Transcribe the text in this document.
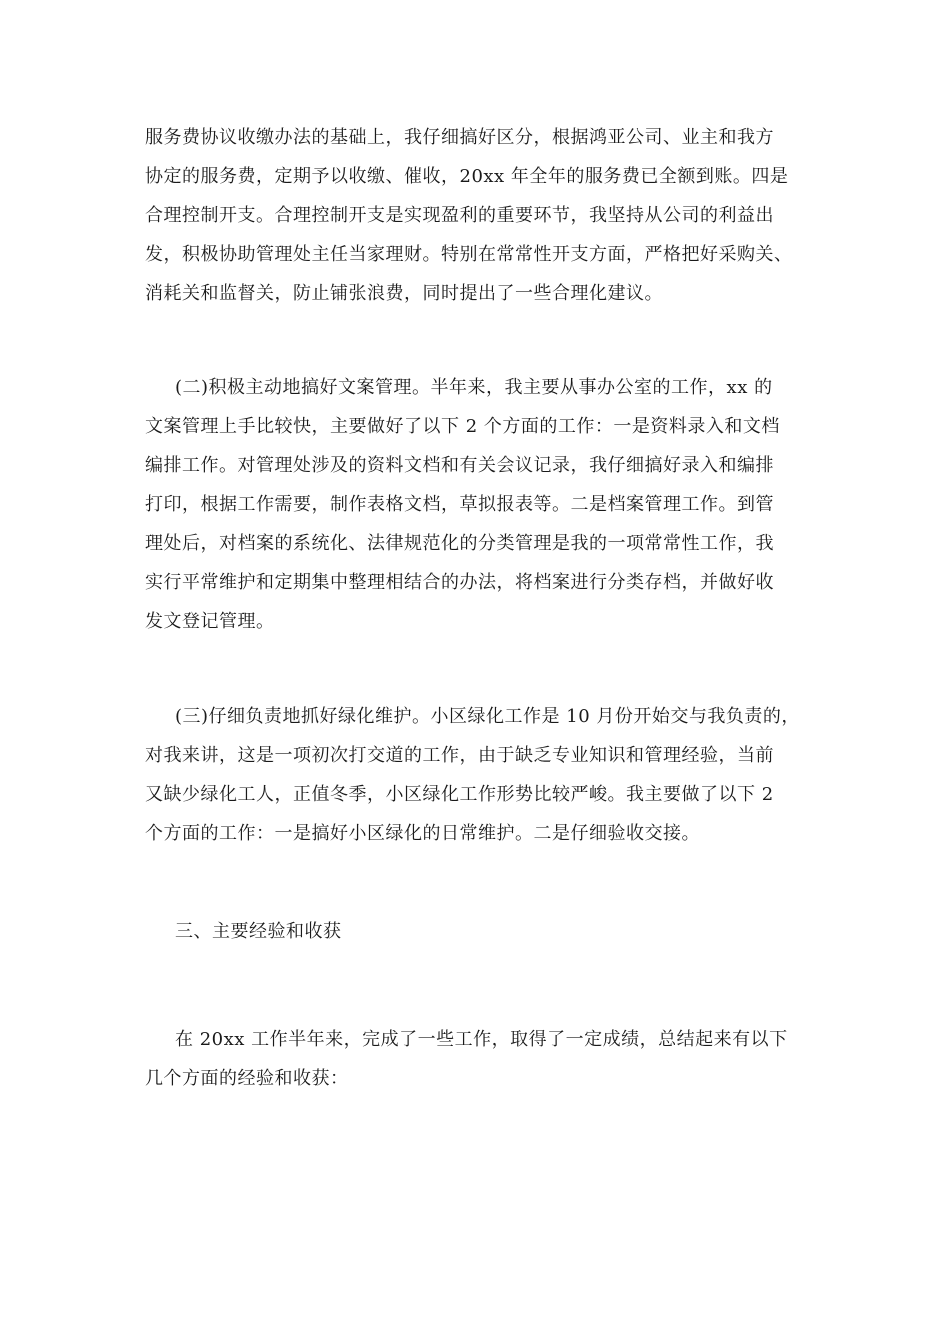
服务费协议收缴办法的基础上，我仔细搞好区分，根据鸿亚公司、业主和我方
协定的服务费，定期予以收缴、催收，20xx 年全年的服务费已全额到账。四是
合理控制开支。合理控制开支是实现盈利的重要环节，我坚持从公司的利益出
发，积极协助管理处主任当家理财。特别在常常性开支方面，严格把好采购关、
消耗关和监督关，防止铺张浪费，同时提出了一些合理化建议。
(二)积极主动地搞好文案管理。半年来，我主要从事办公室的工作，xx 的
文案管理上手比较快，主要做好了以下 2 个方面的工作：一是资料录入和文档
编排工作。对管理处涉及的资料文档和有关会议记录，我仔细搞好录入和编排
打印，根据工作需要，制作表格文档，草拟报表等。二是档案管理工作。到管
理处后，对档案的系统化、法律规范化的分类管理是我的一项常常性工作，我
实行平常维护和定期集中整理相结合的办法，将档案进行分类存档，并做好收
发文登记管理。
(三)仔细负责地抓好绿化维护。小区绿化工作是 10 月份开始交与我负责的，
对我来讲，这是一项初次打交道的工作，由于缺乏专业知识和管理经验，当前
又缺少绿化工人，正值冬季，小区绿化工作形势比较严峻。我主要做了以下 2
个方面的工作：一是搞好小区绿化的日常维护。二是仔细验收交接。
三、主要经验和收获
在 20xx 工作半年来，完成了一些工作，取得了一定成绩，总结起来有以下
几个方面的经验和收获：
